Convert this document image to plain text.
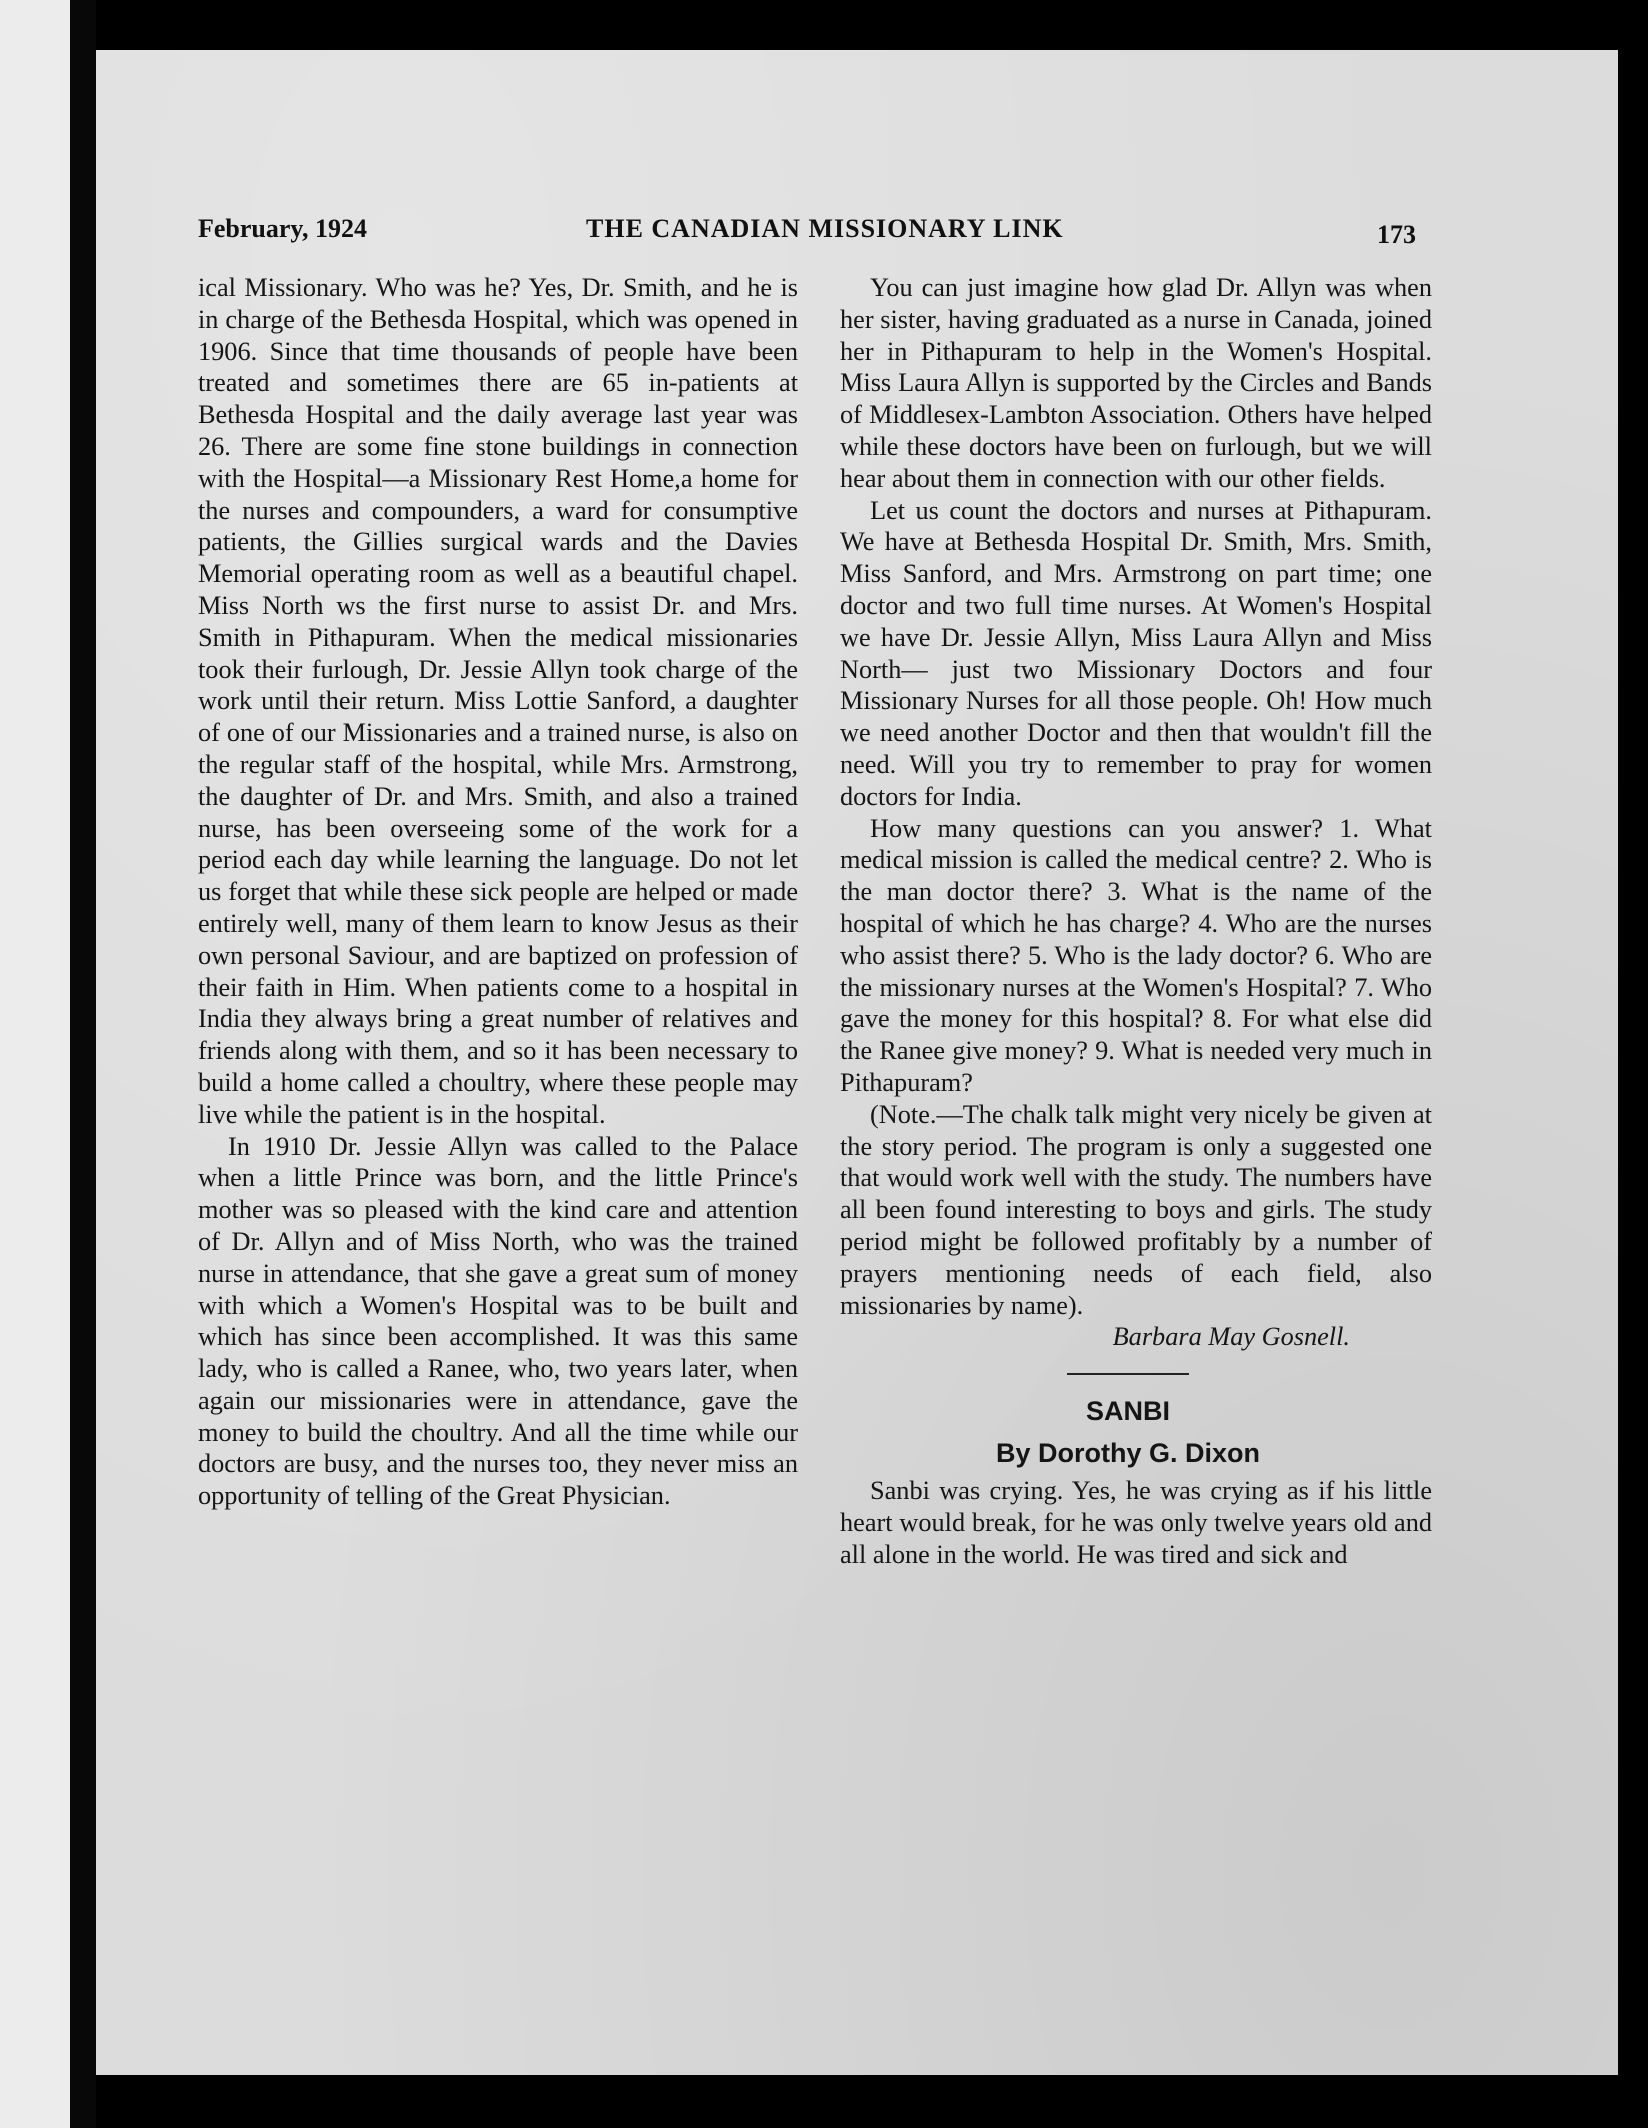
February, 1924	THE CANADIAN MISSIONARY LINK	173

ical Missionary. Who was he? Yes, Dr. Smith, and he is in charge of the Bethesda Hospital, which was opened in 1906. Since that time thousands of people have been treated and sometimes there are 65 in-patients at Bethesda Hospital and the daily average last year was 26. There are some fine stone buildings in connection with the Hospital—a Missionary Rest Home,a home for the nurses and compounders, a ward for consumptive patients, the Gillies surgical wards and the Davies Memorial operating room as well as a beautiful chapel. Miss North ws the first nurse to assist Dr. and Mrs. Smith in Pithapuram. When the medical missionaries took their furlough, Dr. Jessie Allyn took charge of the work until their return. Miss Lottie Sanford, a daughter of one of our Missionaries and a trained nurse, is also on the regular staff of the hospital, while Mrs. Armstrong, the daughter of Dr. and Mrs. Smith, and also a trained nurse, has been overseeing some of the work for a period each day while learning the language. Do not let us forget that while these sick people are helped or made entirely well, many of them learn to know Jesus as their own personal Saviour, and are baptized on profession of their faith in Him. When patients come to a hospital in India they always bring a great number of relatives and friends along with them, and so it has been necessary to build a home called a choultry, where these people may live while the patient is in the hospital.

In 1910 Dr. Jessie Allyn was called to the Palace when a little Prince was born, and the little Prince's mother was so pleased with the kind care and attention of Dr. Allyn and of Miss North, who was the trained nurse in attendance, that she gave a great sum of money with which a Women's Hospital was to be built and which has since been accomplished. It was this same lady, who is called a Ranee, who, two years later, when again our missionaries were in attendance, gave the money to build the choultry. And all the time while our doctors are busy, and the nurses too, they never miss an opportunity of telling of the Great Physician.

You can just imagine how glad Dr. Allyn was when her sister, having graduated as a nurse in Canada, joined her in Pithapuram to help in the Women's Hospital. Miss Laura Allyn is supported by the Circles and Bands of Middlesex-Lambton Association. Others have helped while these doctors have been on furlough, but we will hear about them in connection with our other fields.

Let us count the doctors and nurses at Pithapuram. We have at Bethesda Hospital Dr. Smith, Mrs. Smith, Miss Sanford, and Mrs. Armstrong on part time; one doctor and two full time nurses. At Women's Hospital we have Dr. Jessie Allyn, Miss Laura Allyn and Miss North— just two Missionary Doctors and four Missionary Nurses for all those people. Oh! How much we need another Doctor and then that wouldn't fill the need. Will you try to remember to pray for women doctors for India.

How many questions can you answer? 1. What medical mission is called the medical centre? 2. Who is the man doctor there? 3. What is the name of the hospital of which he has charge? 4. Who are the nurses who assist there? 5. Who is the lady doctor? 6. Who are the missionary nurses at the Women's Hospital? 7. Who gave the money for this hospital? 8. For what else did the Ranee give money? 9. What is needed very much in Pithapuram?

(Note.—The chalk talk might very nicely be given at the story period. The program is only a suggested one that would work well with the study. The numbers have all been found interesting to boys and girls. The study period might be followed profitably by a number of prayers mentioning needs of each field, also missionaries by name).

Barbara May Gosnell.

SANBI

By Dorothy G. Dixon

Sanbi was crying. Yes, he was crying as if his little heart would break, for he was only twelve years old and all alone in the world. He was tired and sick and
